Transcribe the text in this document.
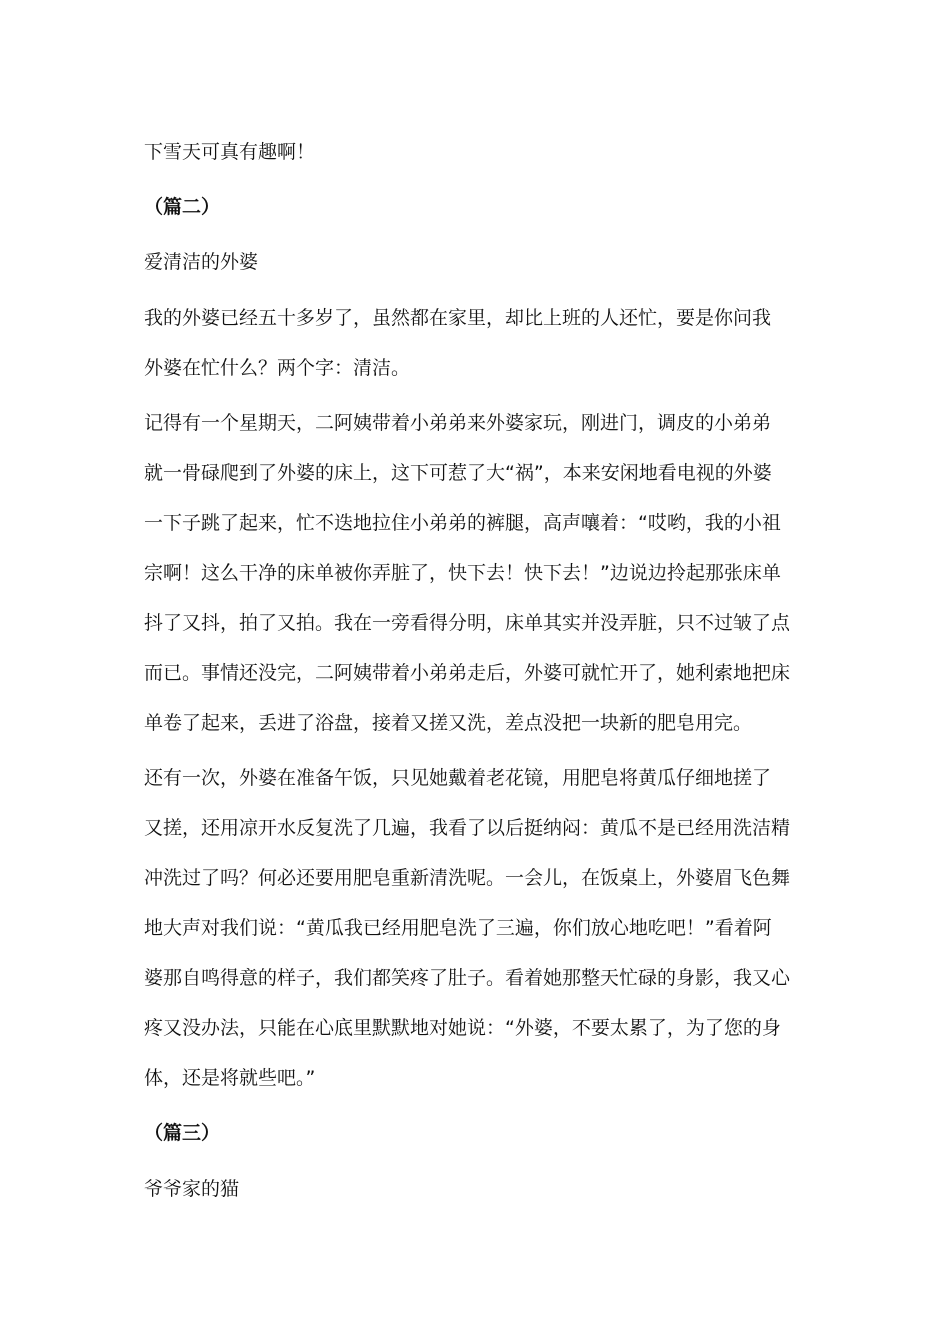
下雪天可真有趣啊！
（篇二）
爱清洁的外婆
我的外婆已经五十多岁了，虽然都在家里，却比上班的人还忙，要是你问我
外婆在忙什么？两个字：清洁。
记得有一个星期天，二阿姨带着小弟弟来外婆家玩，刚进门，调皮的小弟弟
就一骨碌爬到了外婆的床上，这下可惹了大“祸”，本来安闲地看电视的外婆
一下子跳了起来，忙不迭地拉住小弟弟的裤腿，高声嚷着：“哎哟，我的小祖
宗啊！这么干净的床单被你弄脏了，快下去！快下去！”边说边拎起那张床单
抖了又抖，拍了又拍。我在一旁看得分明，床单其实并没弄脏，只不过皱了点
而已。事情还没完，二阿姨带着小弟弟走后，外婆可就忙开了，她利索地把床
单卷了起来，丢进了浴盘，接着又搓又洗，差点没把一块新的肥皂用完。
还有一次，外婆在准备午饭，只见她戴着老花镜，用肥皂将黄瓜仔细地搓了
又搓，还用凉开水反复洗了几遍，我看了以后挺纳闷：黄瓜不是已经用洗洁精
冲洗过了吗？何必还要用肥皂重新清洗呢。一会儿，在饭桌上，外婆眉飞色舞
地大声对我们说：“黄瓜我已经用肥皂洗了三遍，你们放心地吃吧！”看着阿
婆那自鸣得意的样子，我们都笑疼了肚子。看着她那整天忙碌的身影，我又心
疼又没办法，只能在心底里默默地对她说：“外婆，不要太累了，为了您的身
体，还是将就些吧。”
（篇三）
爷爷家的猫
